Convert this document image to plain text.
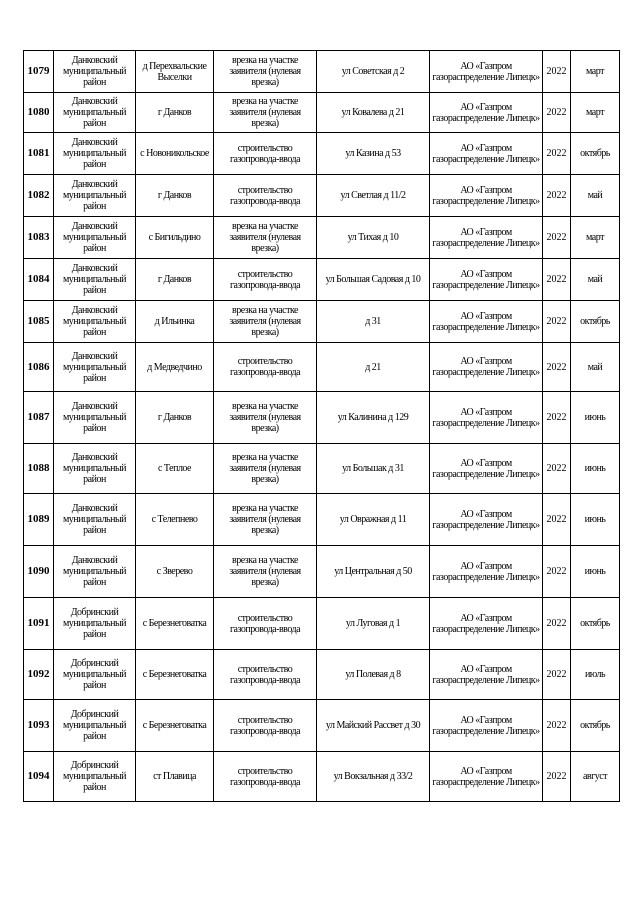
1079	Данковский муниципальный район	д Перехвальские Выселки	врезка на участке заявителя (нулевая врезка)	ул Советская д 2	АО «Газпром газораспределение Липецк»	2022	март
1080	Данковский муниципальный район	г Данков	врезка на участке заявителя (нулевая врезка)	ул Ковалева д 21	АО «Газпром газораспределение Липецк»	2022	март
1081	Данковский муниципальный район	с Новоникольское	строительство газопровода-ввода	ул Казина д 53	АО «Газпром газораспределение Липецк»	2022	октябрь
1082	Данковский муниципальный район	г Данков	строительство газопровода-ввода	ул Светлая д 11/2	АО «Газпром газораспределение Липецк»	2022	май
1083	Данковский муниципальный район	с Бигильдино	врезка на участке заявителя (нулевая врезка)	ул Тихая д 10	АО «Газпром газораспределение Липецк»	2022	март
1084	Данковский муниципальный район	г Данков	строительство газопровода-ввода	ул Большая Садовая д 10	АО «Газпром газораспределение Липецк»	2022	май
1085	Данковский муниципальный район	д Ильинка	врезка на участке заявителя (нулевая врезка)	д 31	АО «Газпром газораспределение Липецк»	2022	октябрь
1086	Данковский муниципальный район	д Медведчино	строительство газопровода-ввода	д 21	АО «Газпром газораспределение Липецк»	2022	май
1087	Данковский муниципальный район	г Данков	врезка на участке заявителя (нулевая врезка)	ул Калинина д 129	АО «Газпром газораспределение Липецк»	2022	июнь
1088	Данковский муниципальный район	с Теплое	врезка на участке заявителя (нулевая врезка)	ул Большак д 31	АО «Газпром газораспределение Липецк»	2022	июнь
1089	Данковский муниципальный район	с Телепнево	врезка на участке заявителя (нулевая врезка)	ул Овражная д 11	АО «Газпром газораспределение Липецк»	2022	июнь
1090	Данковский муниципальный район	с Зверево	врезка на участке заявителя (нулевая врезка)	ул Центральная д 50	АО «Газпром газораспределение Липецк»	2022	июнь
1091	Добринский муниципальный район	с Березнеговатка	строительство газопровода-ввода	ул Луговая д 1	АО «Газпром газораспределение Липецк»	2022	октябрь
1092	Добринский муниципальный район	с Березнеговатка	строительство газопровода-ввода	ул Полевая д 8	АО «Газпром газораспределение Липецк»	2022	июль
1093	Добринский муниципальный район	с Березнеговатка	строительство газопровода-ввода	ул Майский Рассвет д 30	АО «Газпром газораспределение Липецк»	2022	октябрь
1094	Добринский муниципальный район	ст Плавица	строительство газопровода-ввода	ул Вокзальная д 33/2	АО «Газпром газораспределение Липецк»	2022	август
